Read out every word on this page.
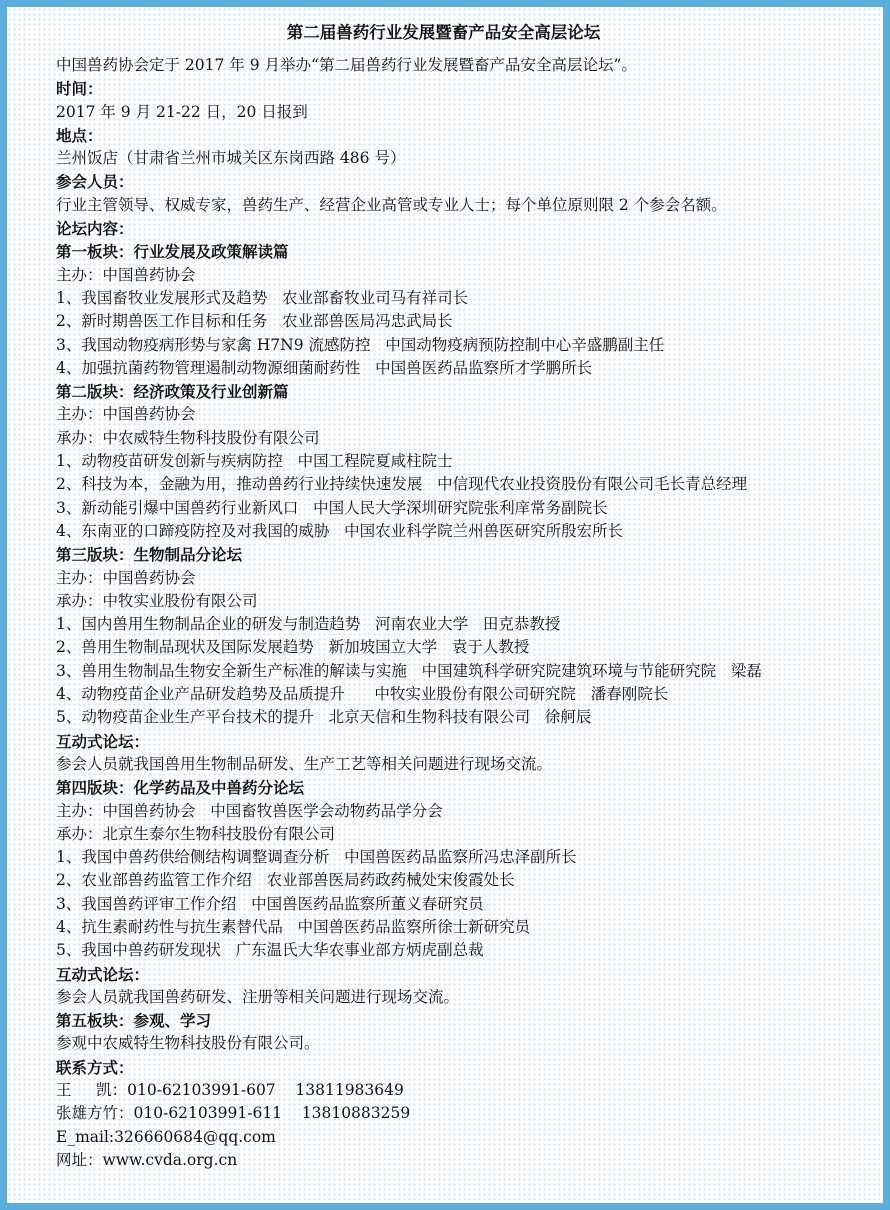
第二届兽药行业发展暨畜产品安全高层论坛
中国兽药协会定于 2017 年 9 月举办“第二届兽药行业发展暨畜产品安全高层论坛”。
时间：
2017 年 9 月 21-22 日，20 日报到
地点：
兰州饭店（甘肃省兰州市城关区东岗西路 486 号）
参会人员：
行业主管领导、权威专家，兽药生产、经营企业高管或专业人士；每个单位原则限 2 个参会名额。
论坛内容：
第一板块：行业发展及政策解读篇
主办：中国兽药协会
1、我国畜牧业发展形式及趋势   农业部畜牧业司马有祥司长
2、新时期兽医工作目标和任务   农业部兽医局冯忠武局长
3、我国动物疫病形势与家禽 H7N9 流感防控   中国动物疫病预防控制中心辛盛鹏副主任
4、加强抗菌药物管理遏制动物源细菌耐药性   中国兽医药品监察所才学鹏所长
第二版块：经济政策及行业创新篇
主办：中国兽药协会
承办：中农威特生物科技股份有限公司
1、动物疫苗研发创新与疾病防控   中国工程院夏咸柱院士
2、科技为本，金融为用，推动兽药行业持续快速发展   中信现代农业投资股份有限公司毛长青总经理
3、新动能引爆中国兽药行业新风口   中国人民大学深圳研究院张利庠常务副院长
4、东南亚的口蹄疫防控及对我国的威胁   中国农业科学院兰州兽医研究所殷宏所长
第三版块：生物制品分论坛
主办：中国兽药协会
承办：中牧实业股份有限公司
1、国内兽用生物制品企业的研发与制造趋势   河南农业大学   田克恭教授
2、兽用生物制品现状及国际发展趋势   新加坡国立大学   袁于人教授
3、兽用生物制品生物安全新生产标准的解读与实施   中国建筑科学研究院建筑环境与节能研究院   梁磊
4、动物疫苗企业产品研发趋势及品质提升      中牧实业股份有限公司研究院   潘春刚院长
5、动物疫苗企业生产平台技术的提升   北京天信和生物科技有限公司   徐舸辰
互动式论坛：
参会人员就我国兽用生物制品研发、生产工艺等相关问题进行现场交流。
第四版块：化学药品及中兽药分论坛
主办：中国兽药协会   中国畜牧兽医学会动物药品学分会
承办：北京生泰尔生物科技股份有限公司
1、我国中兽药供给侧结构调整调查分析   中国兽医药品监察所冯忠泽副所长
2、农业部兽药监管工作介绍   农业部兽医局药政药械处宋俊霞处长
3、我国兽药评审工作介绍   中国兽医药品监察所董义春研究员
4、抗生素耐药性与抗生素替代品   中国兽医药品监察所徐士新研究员
5、我国中兽药研发现状   广东温氏大华农事业部方炳虎副总裁
互动式论坛：
参会人员就我国兽药研发、注册等相关问题进行现场交流。
第五板块：参观、学习
参观中农威特生物科技股份有限公司。
联系方式：
王     凯：010-62103991-607    13811983649
张雄方竹：010-62103991-611    13810883259
E_mail:326660684@qq.com
网址：www.cvda.org.cn
